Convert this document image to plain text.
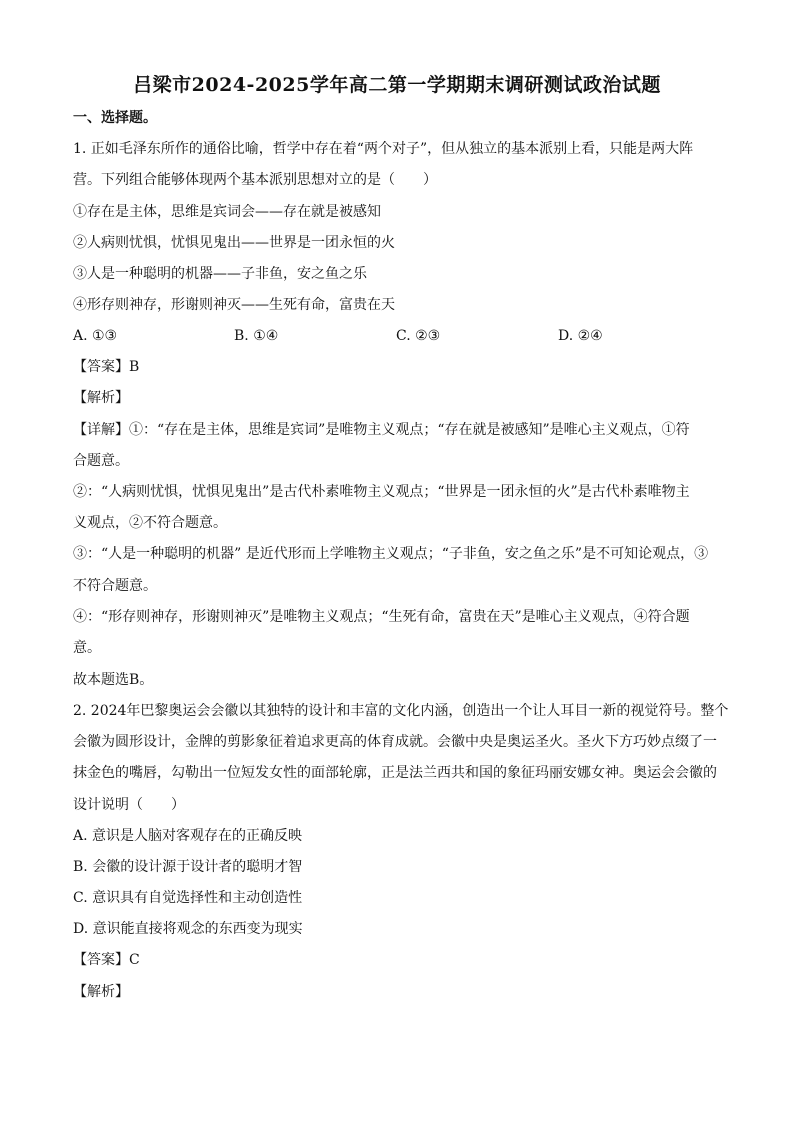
吕梁市2024-2025学年高二第一学期期末调研测试政治试题
一、选择题。
1. 正如毛泽东所作的通俗比喻，哲学中存在着“两个对子”，但从独立的基本派别上看，只能是两大阵
营。下列组合能够体现两个基本派别思想对立的是（　　）
①存在是主体，思维是宾词会——存在就是被感知
②人病则忧惧，忧惧见鬼出——世界是一团永恒的火
③人是一种聪明的机器——子非鱼，安之鱼之乐
④形存则神存，形谢则神灭——生死有命，富贵在天
A. ①③	B. ①④	C. ②③	D. ②④
【答案】B
【解析】
【详解】①：“存在是主体，思维是宾词”是唯物主义观点；“存在就是被感知”是唯心主义观点，①符
合题意。
②：“人病则忧惧，忧惧见鬼出”是古代朴素唯物主义观点；“世界是一团永恒的火”是古代朴素唯物主
义观点，②不符合题意。
③：“人是一种聪明的机器” 是近代形而上学唯物主义观点；“子非鱼，安之鱼之乐”是不可知论观点，③
不符合题意。
④：“形存则神存，形谢则神灭”是唯物主义观点；“生死有命，富贵在天”是唯心主义观点，④符合题
意。
故本题选B。
2. 2024年巴黎奥运会会徽以其独特的设计和丰富的文化内涵，创造出一个让人耳目一新的视觉符号。整个
会徽为圆形设计，金牌的剪影象征着追求更高的体育成就。会徽中央是奥运圣火。圣火下方巧妙点缀了一
抹金色的嘴唇，勾勒出一位短发女性的面部轮廓，正是法兰西共和国的象征玛丽安娜女神。奥运会会徽的
设计说明（　　）
A. 意识是人脑对客观存在的正确反映
B. 会徽的设计源于设计者的聪明才智
C. 意识具有自觉选择性和主动创造性
D. 意识能直接将观念的东西变为现实
【答案】C
【解析】
